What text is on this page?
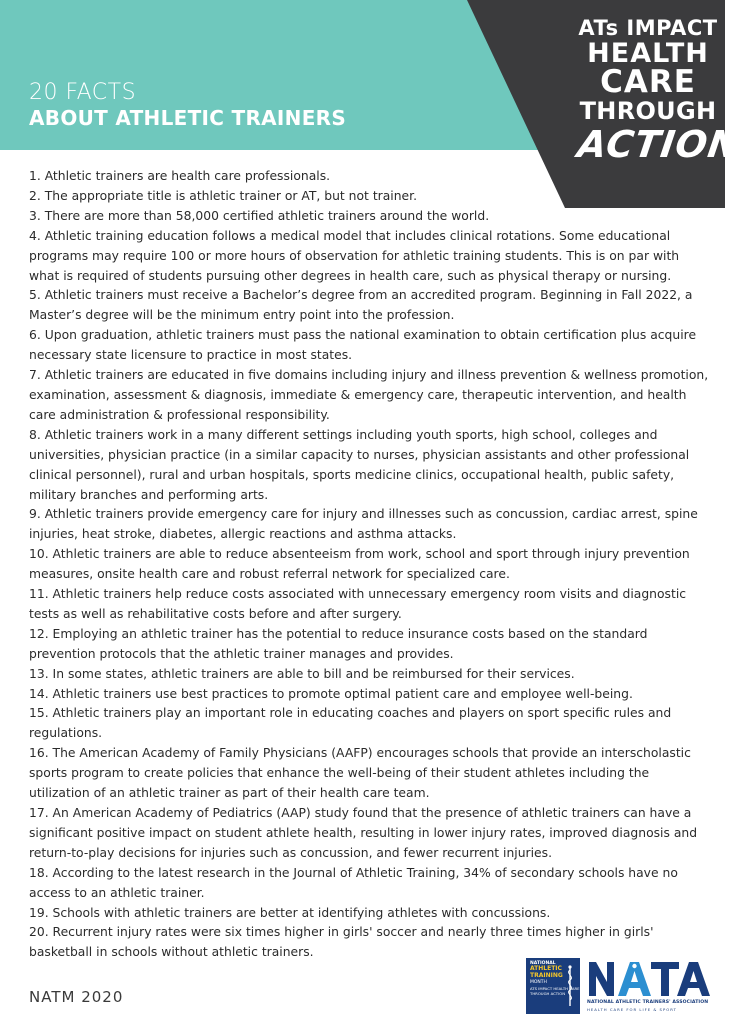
20 FACTS
ABOUT ATHLETIC TRAINERS
ATs IMPACT
HEALTH
CARE
THROUGH
ACTION
1. Athletic trainers are health care professionals.
2. The appropriate title is athletic trainer or AT, but not trainer.
3. There are more than 58,000 certified athletic trainers around the world.
4. Athletic training education follows a medical model that includes clinical rotations. Some educational programs may require 100 or more hours of observation for athletic training students. This is on par with what is required of students pursuing other degrees in health care, such as physical therapy or nursing.
5. Athletic trainers must receive a Bachelor’s degree from an accredited program. Beginning in Fall 2022, a Master’s degree will be the minimum entry point into the profession.
6. Upon graduation, athletic trainers must pass the national examination to obtain certification plus acquire necessary state licensure to practice in most states.
7. Athletic trainers are educated in five domains including injury and illness prevention & wellness promotion, examination, assessment & diagnosis, immediate & emergency care, therapeutic intervention, and health care administration & professional responsibility.
8. Athletic trainers work in a many different settings including youth sports, high school, colleges and universities, physician practice (in a similar capacity to nurses, physician assistants and other professional clinical personnel), rural and urban hospitals, sports medicine clinics, occupational health, public safety, military branches and performing arts.
9. Athletic trainers provide emergency care for injury and illnesses such as concussion, cardiac arrest, spine injuries, heat stroke, diabetes, allergic reactions and asthma attacks.
10. Athletic trainers are able to reduce absenteeism from work, school and sport through injury prevention measures, onsite health care and robust referral network for specialized care.
11. Athletic trainers help reduce costs associated with unnecessary emergency room visits and diagnostic tests as well as rehabilitative costs before and after surgery.
12. Employing an athletic trainer has the potential to reduce insurance costs based on the standard prevention protocols that the athletic trainer manages and provides.
13. In some states, athletic trainers are able to bill and be reimbursed for their services.
14. Athletic trainers use best practices to promote optimal patient care and employee well-being.
15. Athletic trainers play an important role in educating coaches and players on sport specific rules and regulations.
16. The American Academy of Family Physicians (AAFP) encourages schools that provide an interscholastic sports program to create policies that enhance the well-being of their student athletes including the utilization of an athletic trainer as part of their health care team.
17. An American Academy of Pediatrics (AAP) study found that the presence of athletic trainers can have a significant positive impact on student athlete health, resulting in lower injury rates, improved diagnosis and return-to-play decisions for injuries such as concussion, and fewer recurrent injuries.
18. According to the latest research in the Journal of Athletic Training, 34% of secondary schools have no access to an athletic trainer.
19. Schools with athletic trainers are better at identifying athletes with concussions.
20. Recurrent injury rates were six times higher in girls' soccer and nearly three times higher in girls' basketball in schools without athletic trainers.
NATM 2020
NATIONAL
ATHLETIC
TRAINING
MONTH
ATS IMPACT HEALTH CARE THROUGH ACTION
NATIONAL ATHLETIC TRAINERS' ASSOCIATION
HEALTH CARE FOR LIFE & SPORT
